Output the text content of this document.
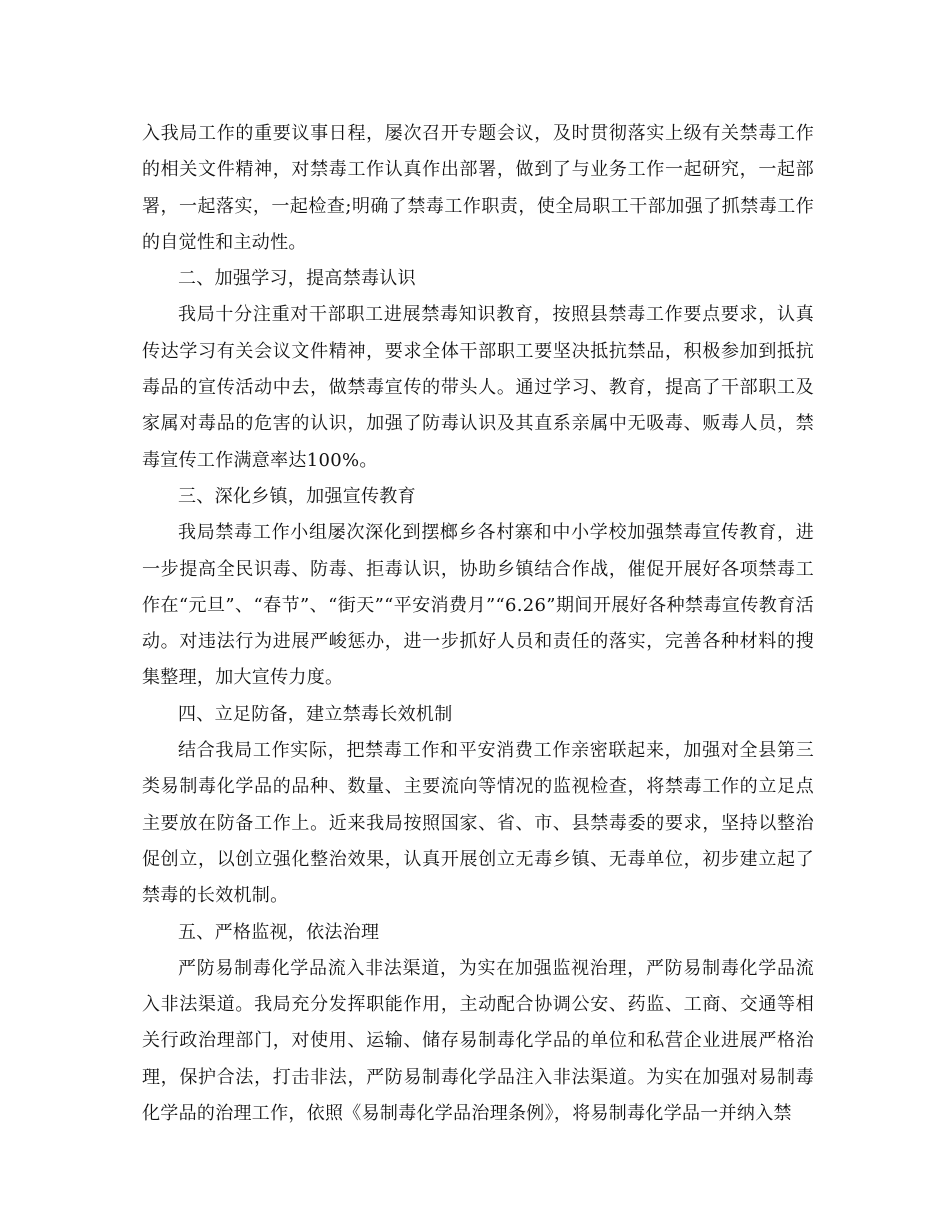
入我局工作的重要议事日程，屡次召开专题会议，及时贯彻落实上级有关禁毒工作的相关文件精神，对禁毒工作认真作出部署，做到了与业务工作一起研究，一起部署，一起落实，一起检查;明确了禁毒工作职责，使全局职工干部加强了抓禁毒工作的自觉性和主动性。

二、加强学习，提高禁毒认识

我局十分注重对干部职工进展禁毒知识教育，按照县禁毒工作要点要求，认真传达学习有关会议文件精神，要求全体干部职工要坚决抵抗禁品，积极参加到抵抗毒品的宣传活动中去，做禁毒宣传的带头人。通过学习、教育，提高了干部职工及家属对毒品的危害的认识，加强了防毒认识及其直系亲属中无吸毒、贩毒人员，禁毒宣传工作满意率达100%。

三、深化乡镇，加强宣传教育

我局禁毒工作小组屡次深化到摆榔乡各村寨和中小学校加强禁毒宣传教育，进一步提高全民识毒、防毒、拒毒认识，协助乡镇结合作战，催促开展好各项禁毒工作在“元旦”、“春节”、“街天”“平安消费月”“6.26”期间开展好各种禁毒宣传教育活动。对违法行为进展严峻惩办，进一步抓好人员和责任的落实，完善各种材料的搜集整理，加大宣传力度。

四、立足防备，建立禁毒长效机制

结合我局工作实际，把禁毒工作和平安消费工作亲密联起来，加强对全县第三类易制毒化学品的品种、数量、主要流向等情况的监视检查，将禁毒工作的立足点主要放在防备工作上。近来我局按照国家、省、市、县禁毒委的要求，坚持以整治促创立，以创立强化整治效果，认真开展创立无毒乡镇、无毒单位，初步建立起了禁毒的长效机制。

五、严格监视，依法治理

严防易制毒化学品流入非法渠道，为实在加强监视治理，严防易制毒化学品流入非法渠道。我局充分发挥职能作用，主动配合协调公安、药监、工商、交通等相关行政治理部门，对使用、运输、储存易制毒化学品的单位和私营企业进展严格治理，保护合法，打击非法，严防易制毒化学品注入非法渠道。为实在加强对易制毒化学品的治理工作，依照《易制毒化学品治理条例》，将易制毒化学品一并纳入禁
